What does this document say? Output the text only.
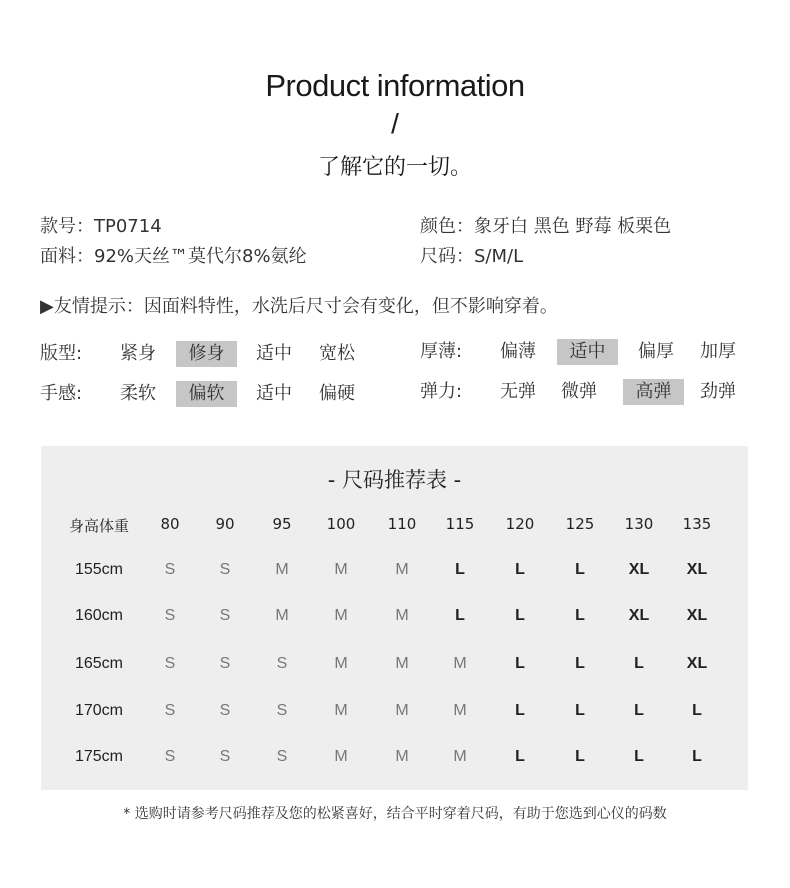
Product information
/
了解它的一切。
款号：TP0714
面料：92%天丝™莫代尔8%氨纶
颜色：象牙白 黑色 野莓 板栗色
尺码：S/M/L
▶友情提示：因面料特性，水洗后尺寸会有变化，但不影响穿着。
版型: 紧身	修身	适中 宽松
手感: 柔软	偏软	适中 偏硬
厚薄: 偏薄	适中	偏厚 加厚
弹力: 无弹 微弹	高弹	劲弹
- 尺码推荐表 -
身高体重 80 90	95 100 110 115 120 125 130 135
155cm	S	S	M	M	M	L	L	L	XL XL
160cm	S	S	M	M	M	L	L	L	XL XL
165cm	S	S	S	M	M	M	L	L	L	XL
170cm	S	S	S	M	M	M	L	L	L	L
175cm	S	S	S	M	M	M	L	L	L	L
* 选购时请参考尺码推荐及您的松紧喜好，结合平时穿着尺码，有助于您选到心仪的码数
